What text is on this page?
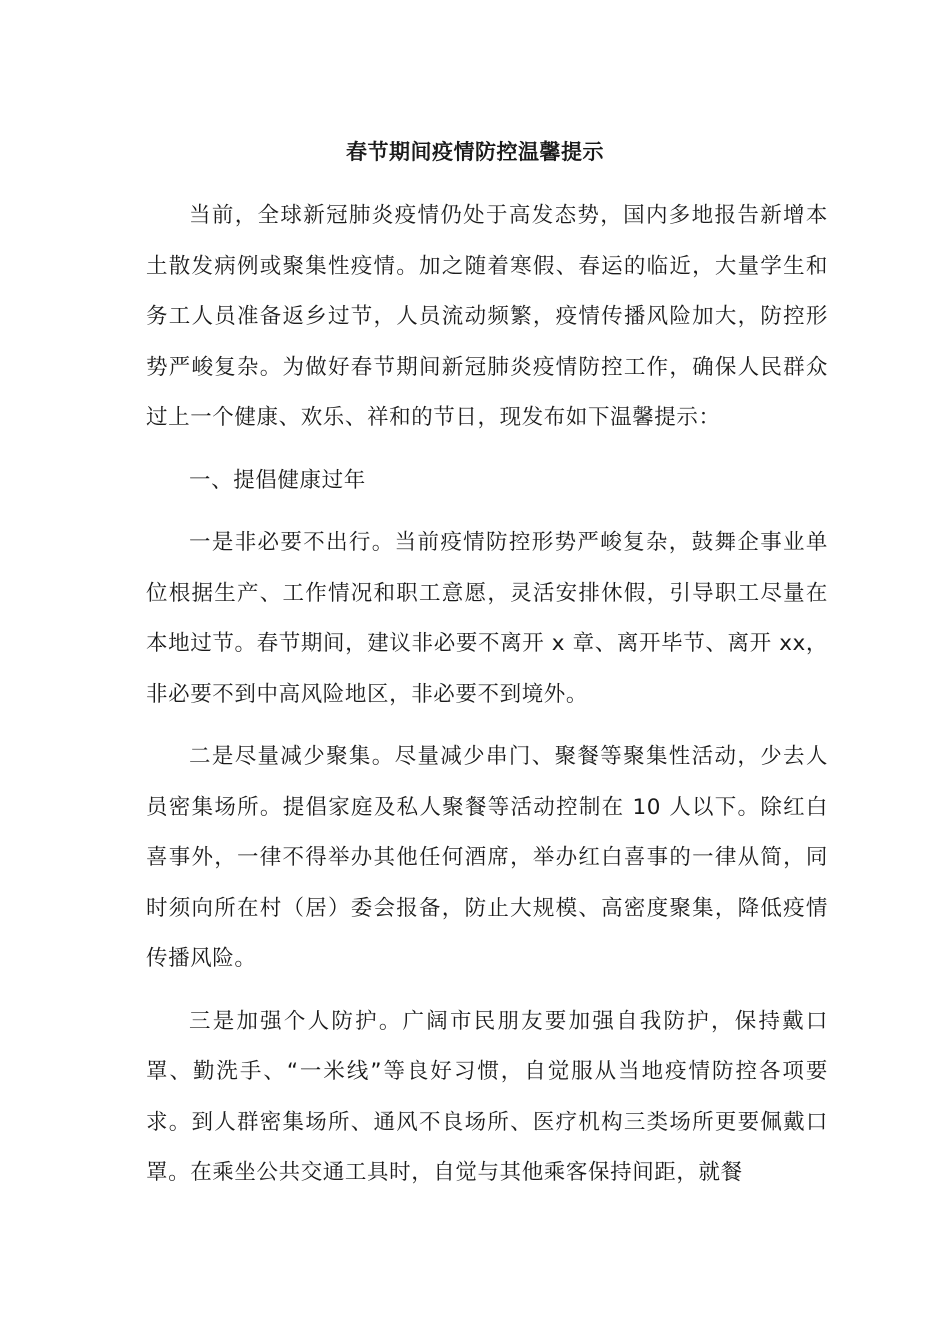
春节期间疫情防控温馨提示

当前，全球新冠肺炎疫情仍处于高发态势，国内多地报告新增本土散发病例或聚集性疫情。加之随着寒假、春运的临近，大量学生和务工人员准备返乡过节，人员流动频繁，疫情传播风险加大，防控形势严峻复杂。为做好春节期间新冠肺炎疫情防控工作，确保人民群众过上一个健康、欢乐、祥和的节日，现发布如下温馨提示：

一、提倡健康过年

一是非必要不出行。当前疫情防控形势严峻复杂，鼓舞企事业单位根据生产、工作情况和职工意愿，灵活安排休假，引导职工尽量在本地过节。春节期间，建议非必要不离开 x 章、离开毕节、离开 xx，非必要不到中高风险地区，非必要不到境外。

二是尽量减少聚集。尽量减少串门、聚餐等聚集性活动，少去人员密集场所。提倡家庭及私人聚餐等活动控制在 10 人以下。除红白喜事外，一律不得举办其他任何酒席，举办红白喜事的一律从简，同时须向所在村（居）委会报备，防止大规模、高密度聚集，降低疫情传播风险。

三是加强个人防护。广阔市民朋友要加强自我防护，保持戴口罩、勤洗手、“一米线”等良好习惯，自觉服从当地疫情防控各项要求。到人群密集场所、通风不良场所、医疗机构三类场所更要佩戴口罩。在乘坐公共交通工具时，自觉与其他乘客保持间距，就餐
